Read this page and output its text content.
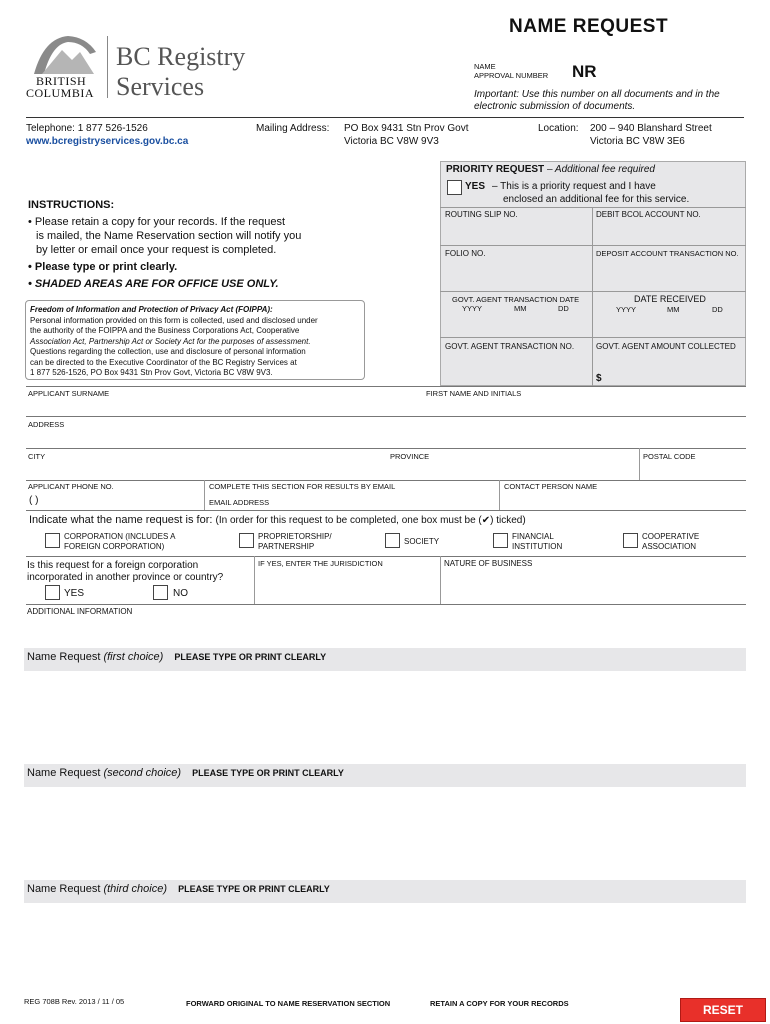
NAME REQUEST
BRITISH
COLUMBIA
BC Registry
Services
NAME
APPROVAL NUMBER NR
Important: Use this number on all documents and in the electronic submission of documents.
Telephone: 1 877 526-1526
www.bcregistryservices.gov.bc.ca
Mailing Address: PO Box 9431 Stn Prov Govt
Victoria BC V8W 9V3
Location: 200 – 940 Blanshard Street
Victoria BC V8W 3E6
INSTRUCTIONS:
• Please retain a copy for your records. If the request
is mailed, the Name Reservation section will notify you
by letter or email once your request is completed.
• Please type or print clearly.
• SHADED AREAS ARE FOR OFFICE USE ONLY.
Freedom of Information and Protection of Privacy Act (FOIPPA):
Personal information provided on this form is collected, used and disclosed under
the authority of the FOIPPA and the Business Corporations Act, Cooperative
Association Act, Partnership Act or Society Act for the purposes of assessment.
Questions regarding the collection, use and disclosure of personal information
can be directed to the Executive Coordinator of the BC Registry Services at
1 877 526-1526, PO Box 9431 Stn Prov Govt, Victoria BC V8W 9V3.
PRIORITY REQUEST – Additional fee required
YES – This is a priority request and I have
enclosed an additional fee for this service.
ROUTING SLIP NO.	DEBIT BCOL ACCOUNT NO.
FOLIO NO.	DEPOSIT ACCOUNT TRANSACTION NO.
GOVT. AGENT TRANSACTION DATE
YYYY	MM	DD
DATE RECEIVED
YYYY	MM	DD
GOVT. AGENT TRANSACTION NO.	GOVT. AGENT AMOUNT COLLECTED
$
APPLICANT SURNAME	FIRST NAME AND INITIALS
ADDRESS
CITY	PROVINCE	POSTAL CODE
APPLICANT PHONE NO.
( )
COMPLETE THIS SECTION FOR RESULTS BY EMAIL
EMAIL ADDRESS
CONTACT PERSON NAME
Indicate what the name request is for: (In order for this request to be completed, one box must be (✔) ticked)
CORPORATION (INCLUDES A
FOREIGN CORPORATION)
PROPRIETORSHIP/
PARTNERSHIP
SOCIETY
FINANCIAL
INSTITUTION
COOPERATIVE
ASSOCIATION
Is this request for a foreign corporation
incorporated in another province or country?
YES	NO
IF YES, ENTER THE JURISDICTION	NATURE OF BUSINESS
ADDITIONAL INFORMATION
Name Request (first choice) PLEASE TYPE OR PRINT CLEARLY
Name Request (second choice) PLEASE TYPE OR PRINT CLEARLY
Name Request (third choice) PLEASE TYPE OR PRINT CLEARLY
REG 708B Rev. 2013 / 11 / 05	FORWARD ORIGINAL TO NAME RESERVATION SECTION	RETAIN A COPY FOR YOUR RECORDS	RESET
